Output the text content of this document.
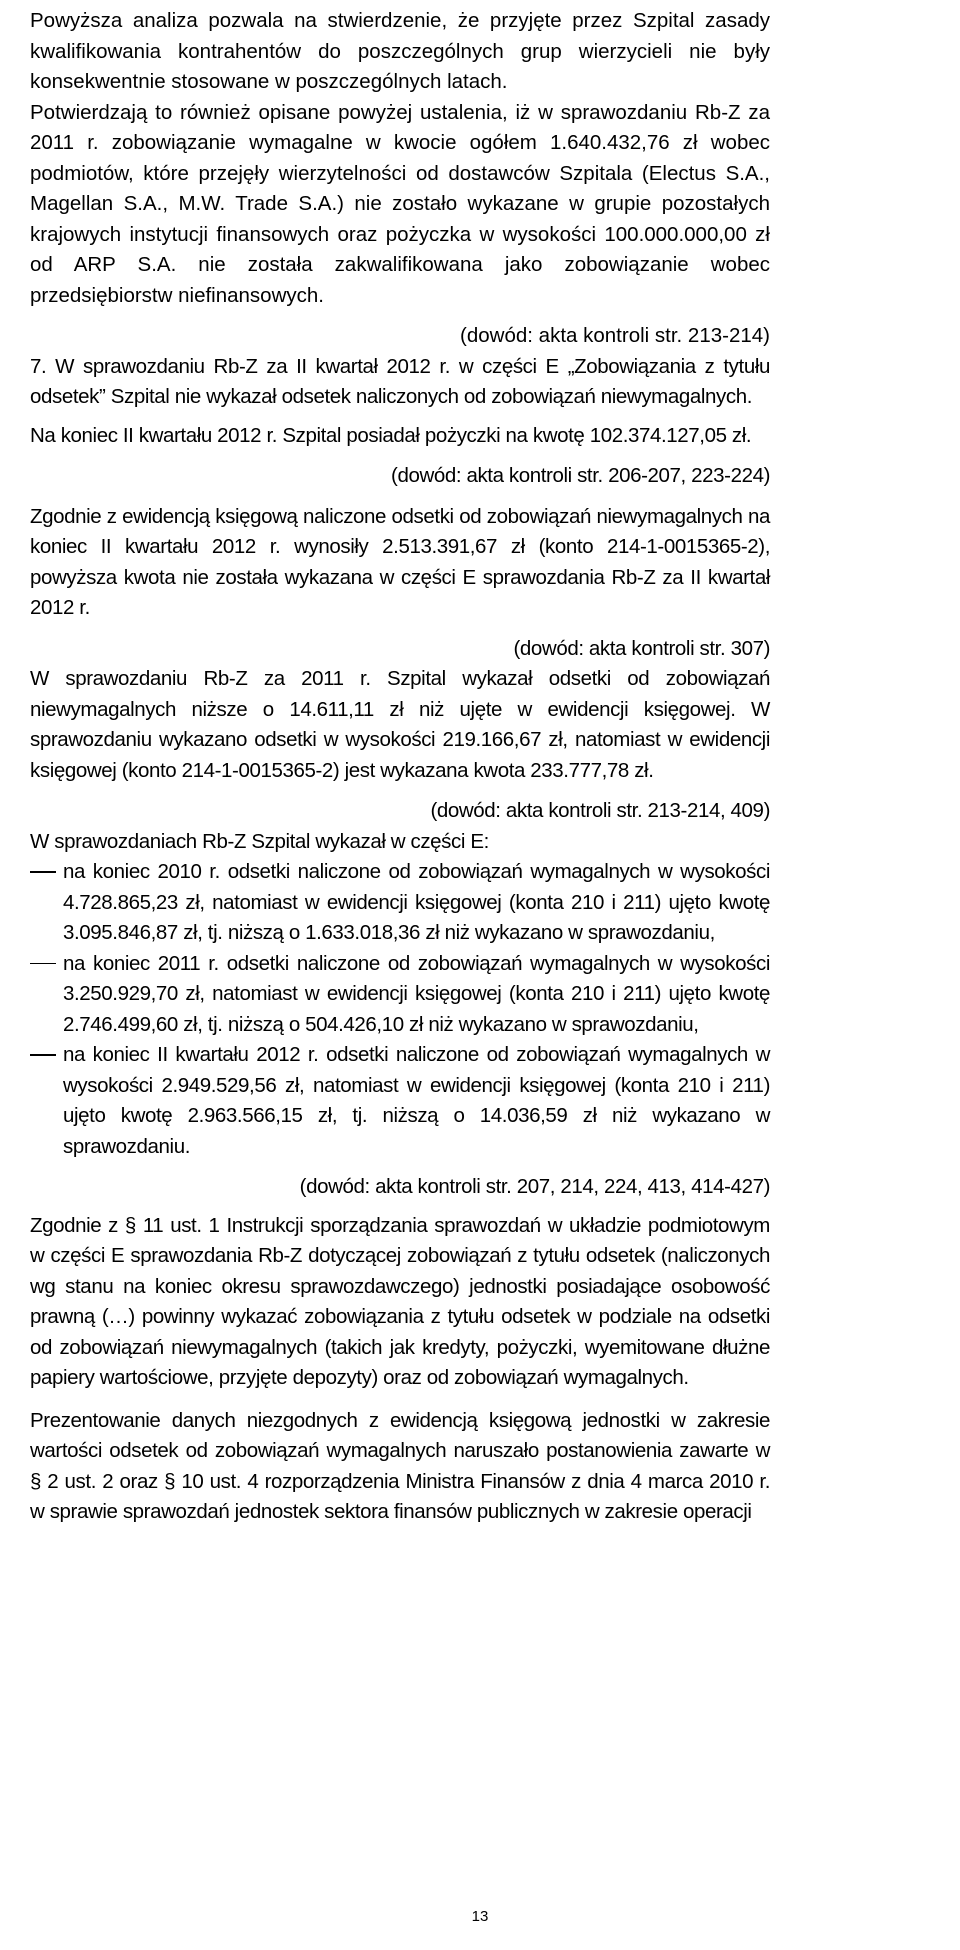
Powyższa analiza pozwala na stwierdzenie, że przyjęte przez Szpital zasady kwalifikowania kontrahentów do poszczególnych grup wierzycieli nie były konsekwentnie stosowane w poszczególnych latach.

Potwierdzają to również opisane powyżej ustalenia, iż w sprawozdaniu Rb-Z za 2011 r. zobowiązanie wymagalne w kwocie ogółem 1.640.432,76 zł wobec podmiotów, które przejęły wierzytelności od dostawców Szpitala (Electus S.A., Magellan S.A., M.W. Trade S.A.) nie zostało wykazane w grupie pozostałych krajowych instytucji finansowych oraz pożyczka w wysokości 100.000.000,00 zł od ARP S.A. nie została zakwalifikowana jako zobowiązanie wobec przedsiębiorstw niefinansowych.

(dowód: akta kontroli str. 213-214)

7. W sprawozdaniu Rb-Z za II kwartał 2012 r. w części E „Zobowiązania z tytułu odsetek” Szpital nie wykazał odsetek naliczonych od zobowiązań niewymagalnych.

Na koniec II kwartału 2012 r. Szpital posiadał pożyczki na kwotę 102.374.127,05 zł.

(dowód: akta kontroli str. 206-207, 223-224)

Zgodnie z ewidencją księgową naliczone odsetki od zobowiązań niewymagalnych na koniec II kwartału 2012 r. wynosiły 2.513.391,67 zł (konto 214-1-0015365-2), powyższa kwota nie została wykazana w części E sprawozdania Rb-Z za II kwartał 2012 r.

(dowód: akta kontroli str. 307)

W sprawozdaniu Rb-Z za 2011 r. Szpital wykazał odsetki od zobowiązań niewymagalnych niższe o 14.611,11 zł niż ujęte w ewidencji księgowej. W sprawozdaniu wykazano odsetki w wysokości 219.166,67 zł, natomiast w ewidencji księgowej (konto 214-1-0015365-2) jest wykazana kwota 233.777,78 zł.

(dowód: akta kontroli str. 213-214, 409)

W sprawozdaniach Rb-Z Szpital wykazał w części E:

na koniec 2010 r. odsetki naliczone od zobowiązań wymagalnych w wysokości 4.728.865,23 zł, natomiast w ewidencji księgowej (konta 210 i 211) ujęto kwotę 3.095.846,87 zł, tj. niższą o 1.633.018,36 zł niż wykazano w sprawozdaniu,

na koniec 2011 r. odsetki naliczone od zobowiązań wymagalnych w wysokości 3.250.929,70 zł, natomiast w ewidencji księgowej (konta 210 i 211) ujęto kwotę 2.746.499,60 zł, tj. niższą o 504.426,10 zł niż wykazano w sprawozdaniu,

na koniec II kwartału 2012 r. odsetki naliczone od zobowiązań wymagalnych w wysokości 2.949.529,56 zł, natomiast w ewidencji księgowej (konta 210 i 211) ujęto kwotę 2.963.566,15 zł, tj. niższą o 14.036,59 zł niż wykazano w sprawozdaniu.

(dowód: akta kontroli str. 207, 214, 224, 413, 414-427)

Zgodnie z § 11 ust. 1 Instrukcji sporządzania sprawozdań w układzie podmiotowym w części E sprawozdania Rb-Z dotyczącej zobowiązań z tytułu odsetek (naliczonych wg stanu na koniec okresu sprawozdawczego) jednostki posiadające osobowość prawną (…) powinny wykazać zobowiązania z tytułu odsetek w podziale na odsetki od zobowiązań niewymagalnych (takich jak kredyty, pożyczki, wyemitowane dłużne papiery wartościowe, przyjęte depozyty) oraz od zobowiązań wymagalnych.

Prezentowanie danych niezgodnych z ewidencją księgową jednostki w zakresie wartości odsetek od zobowiązań wymagalnych naruszało postanowienia zawarte w § 2 ust. 2 oraz § 10 ust. 4 rozporządzenia Ministra Finansów z dnia 4 marca 2010 r. w sprawie sprawozdań jednostek sektora finansów publicznych w zakresie operacji

13
